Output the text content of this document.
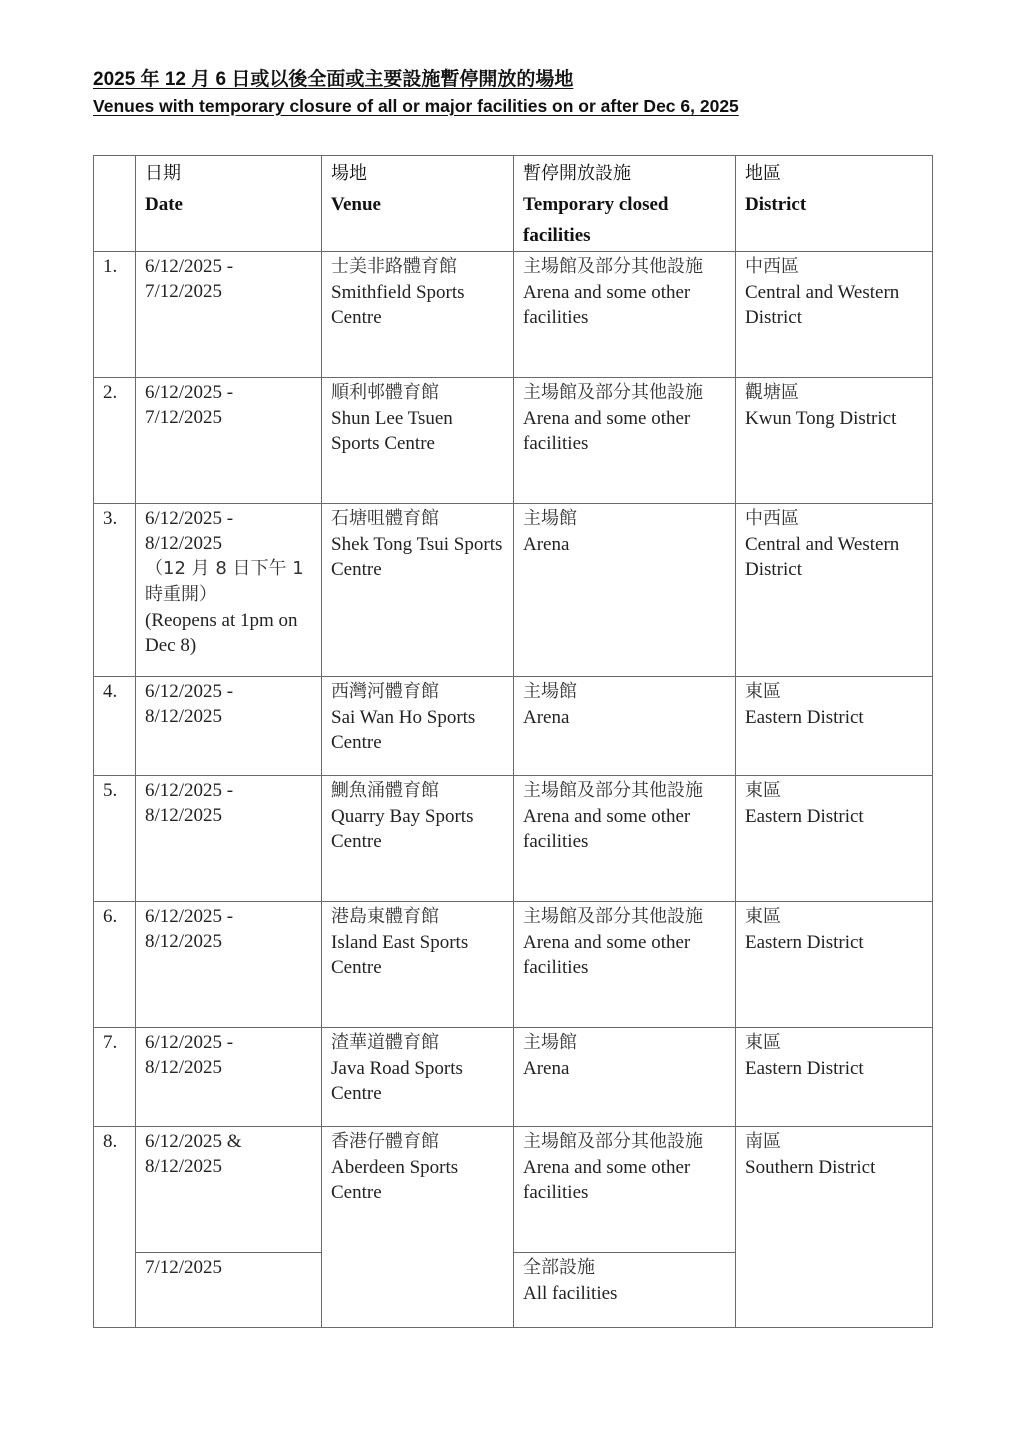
2025 年 12 月 6 日或以後全面或主要設施暫停開放的場地
Venues with temporary closure of all or major facilities on or after Dec 6, 2025

	日期
Date	場地
Venue	暫停開放設施
Temporary closed facilities	地區
District

1.	6/12/2025 -
7/12/2025	士美非路體育館
Smithfield Sports Centre	主場館及部分其他設施
Arena and some other facilities	中西區
Central and Western District

2.	6/12/2025 -
7/12/2025	順利邨體育館
Shun Lee Tsuen Sports Centre	主場館及部分其他設施
Arena and some other facilities	觀塘區
Kwun Tong District

3.	6/12/2025 -
8/12/2025
（12 月 8 日下午 1 時重開）
(Reopens at 1pm on Dec 8)	石塘咀體育館
Shek Tong Tsui Sports Centre	主場館
Arena	中西區
Central and Western District

4.	6/12/2025 -
8/12/2025	西灣河體育館
Sai Wan Ho Sports Centre	主場館
Arena	東區
Eastern District

5.	6/12/2025 -
8/12/2025	鰂魚涌體育館
Quarry Bay Sports Centre	主場館及部分其他設施
Arena and some other facilities	東區
Eastern District

6.	6/12/2025 -
8/12/2025	港島東體育館
Island East Sports Centre	主場館及部分其他設施
Arena and some other facilities	東區
Eastern District

7.	6/12/2025 -
8/12/2025	渣華道體育館
Java Road Sports Centre	主場館
Arena	東區
Eastern District

8.	6/12/2025 &
8/12/2025	香港仔體育館
Aberdeen Sports Centre	主場館及部分其他設施
Arena and some other facilities	南區
Southern District

	7/12/2025		全部設施
All facilities	
